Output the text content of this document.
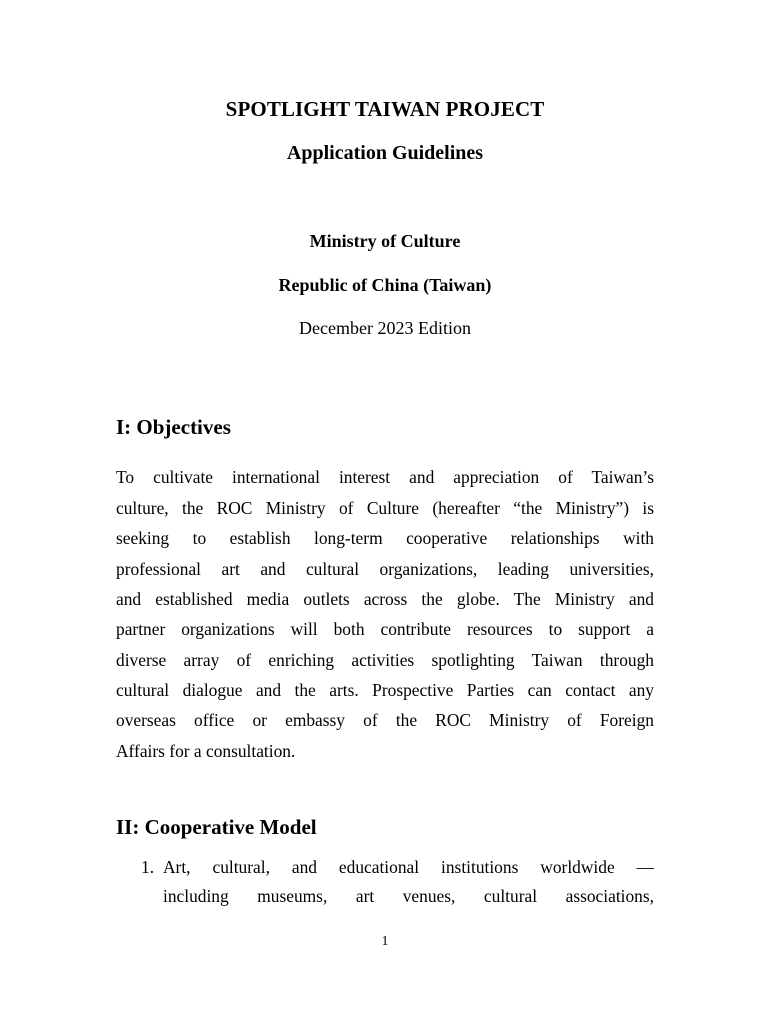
SPOTLIGHT TAIWAN PROJECT

Application Guidelines

Ministry of Culture

Republic of China (Taiwan)

December 2023 Edition

I: Objectives

To cultivate international interest and appreciation of Taiwan’s

culture, the ROC Ministry of Culture (hereafter “the Ministry”) is

seeking to establish long-term cooperative relationships with

professional art and cultural organizations, leading universities,

and established media outlets across the globe. The Ministry and

partner organizations will both contribute resources to support a

diverse array of enriching activities spotlighting Taiwan through

cultural dialogue and the arts. Prospective Parties can contact any

overseas office or embassy of the ROC Ministry of Foreign

Affairs for a consultation.

II: Cooperative Model
1. Art, cultural, and educational institutions worldwide —

including museums, art venues, cultural associations,

1
